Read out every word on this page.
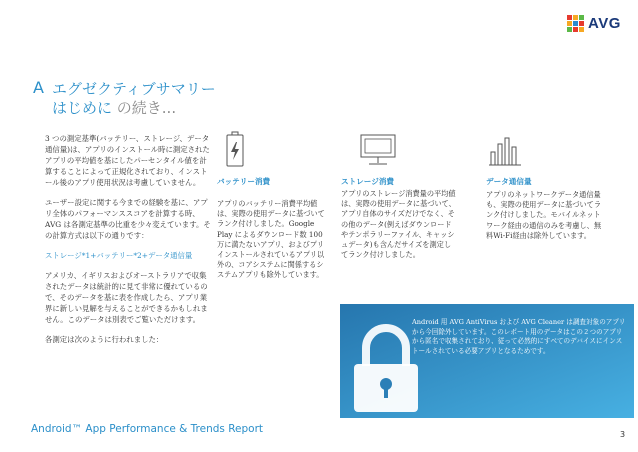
AVG
A エグゼクティブサマリー
はじめに の続き...

3 つの測定基準(バッテリー、ストレージ、データ通信量)は、アプリのインストール時に測定されたアプリの平均値を基にしたパーセンタイル値を計算することによって正規化されており、インストール後のアプリ使用状況は考慮していません。

ユーザー設定に関する今までの経験を基に、アプリ全体のパフォーマンススコアを計算する時、AVG は各測定基準の比重を少々変えています。その計算方式は以下の通りです：

ストレージ*1+バッテリー*2+データ通信量

アメリカ、イギリスおよびオーストラリアで収集されたデータは統計的に見て非常に優れているので、そのデータを基に表を作成したら、アプリ業界に新しい見解を与えることができるかもしれません。このデータは別表でご覧いただけます。

各測定は次のように行われました：

バッテリー消費
アプリのバッテリー消費平均値は、実際の使用データに基づいてランク付けしました。Google Play によるダウンロード数 100 万に満たないアプリ、およびプリインストールされているアプリ以外の、コアシステムに関係するシステムアプリも除外しています。
ストレージ消費
アプリのストレージ消費量の平均値は、実際の使用データに基づいて、アプリ自体のサイズだけでなく、その他のデータ(例えばダウンロードやテンポラリーファイル、キャッシュデータ)も含んだサイズを測定してランク付けしました。
データ通信量
アプリのネットワークデータ通信量も、実際の使用データに基づいてランク付けしました。モバイルネットワーク経由の通信のみを考慮し、無料Wi-Fi経由は除外しています。
Android 用 AVG AntiVirus および AVG Cleaner は調査対象のアプリから今回除外しています。このレポート用のデータはこの２つのアプリから匿名で収集されており、従って必然的にすべてのデバイスにインストールされている必要アプリとなるためです。
Android™ App Performance & Trends Report	3
